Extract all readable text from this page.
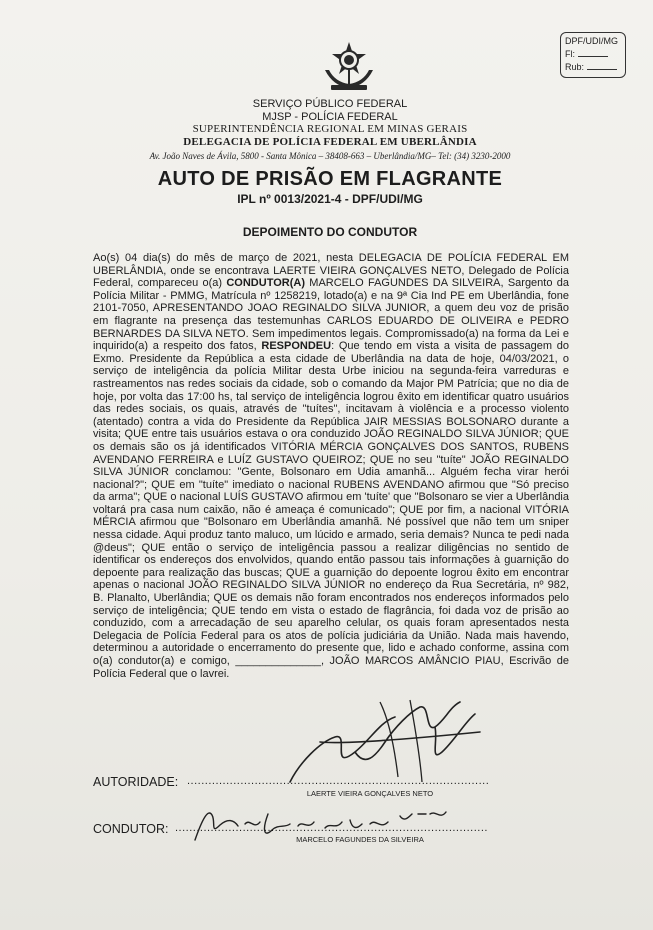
DPF/UDI/MG
Fl:
Rub:
SERVIÇO PÚBLICO FEDERAL
MJSP - POLÍCIA FEDERAL
SUPERINTENDÊNCIA REGIONAL EM MINAS GERAIS
DELEGACIA DE POLÍCIA FEDERAL EM UBERLÂNDIA
Av. João Naves de Ávila, 5800 - Santa Mônica – 38408-663 – Uberlândia/MG– Tel: (34) 3230-2000
AUTO DE PRISÃO EM FLAGRANTE
IPL nº 0013/2021-4 - DPF/UDI/MG
DEPOIMENTO DO CONDUTOR
Ao(s) 04 dia(s) do mês de março de 2021, nesta DELEGACIA DE POLÍCIA FEDERAL EM UBERLÂNDIA, onde se encontrava LAERTE VIEIRA GONÇALVES NETO, Delegado de Polícia Federal, compareceu o(a) CONDUTOR(A) MARCELO FAGUNDES DA SILVEIRA, Sargento da Polícia Militar - PMMG, Matrícula nº 1258219, lotado(a) e na 9ª Cia Ind PE em Uberlândia, fone 2101-7050, APRESENTANDO JOAO REGINALDO SILVA JUNIOR, a quem deu voz de prisão em flagrante na presença das testemunhas CARLOS EDUARDO DE OLIVEIRA e PEDRO BERNARDES DA SILVA NETO. Sem impedimentos legais. Compromissado(a) na forma da Lei e inquirido(a) a respeito dos fatos, RESPONDEU: Que tendo em vista a visita de passagem do Exmo. Presidente da República a esta cidade de Uberlândia na data de hoje, 04/03/2021, o serviço de inteligência da polícia Militar desta Urbe iniciou na segunda-feira varreduras e rastreamentos nas redes sociais da cidade, sob o comando da Major PM Patrícia; que no dia de hoje, por volta das 17:00 hs, tal serviço de inteligência logrou êxito em identificar quatro usuários das redes sociais, os quais, através de "tuítes", incitavam à violência e a processo violento (atentado) contra a vida do Presidente da República JAIR MESSIAS BOLSONARO durante a visita; QUE entre tais usuários estava o ora conduzido JOÃO REGINALDO SILVA JÚNIOR; QUE os demais são os já identificados VITÓRIA MÉRCIA GONÇALVES DOS SANTOS, RUBENS AVENDANO FERREIRA e LUÍZ GUSTAVO QUEIROZ; QUE no seu "tuíte" JOÃO REGINALDO SILVA JÚNIOR conclamou: "Gente, Bolsonaro em Udia amanhã... Alguém fecha virar herói nacional?"; QUE em "tuíte" imediato o nacional RUBENS AVENDANO afirmou que "Só preciso da arma"; QUE o nacional LUÍS GUSTAVO afirmou em 'tuíte' que "Bolsonaro se vier a Uberlândia voltará pra casa num caixão, não é ameaça é comunicado"; QUE por fim, a nacional VITÓRIA MÉRCIA afirmou que "Bolsonaro em Uberlândia amanhã. Né possível que não tem um sniper nessa cidade. Aqui produz tanto maluco, um lúcido e armado, seria demais? Nunca te pedi nada @deus"; QUE então o serviço de inteligência passou a realizar diligências no sentido de identificar os endereços dos envolvidos, quando então passou tais informações à guarnição do depoente para realização das buscas; QUE a guarnição do depoente logrou êxito em encontrar apenas o nacional JOÃO REGINALDO SILVA JÚNIOR no endereço da Rua Secretária, nº 982, B. Planalto, Uberlândia; QUE os demais não foram encontrados nos endereços informados pelo serviço de inteligência; QUE tendo em vista o estado de flagrância, foi dada voz de prisão ao conduzido, com a arrecadação de seu aparelho celular, os quais foram apresentados nesta Delegacia de Polícia Federal para os atos de polícia judiciária da União. Nada mais havendo, determinou a autoridade o encerramento do presente que, lido e achado conforme, assina com o(a) condutor(a) e comigo, ______________, JOÃO MARCOS AMÂNCIO PIAU, Escrivão de Polícia Federal que o lavrei.
AUTORIDADE: .....................................................................................
LAERTE VIEIRA GONÇALVES NETO
CONDUTOR: ........................................................................................
MARCELO FAGUNDES DA SILVEIRA
